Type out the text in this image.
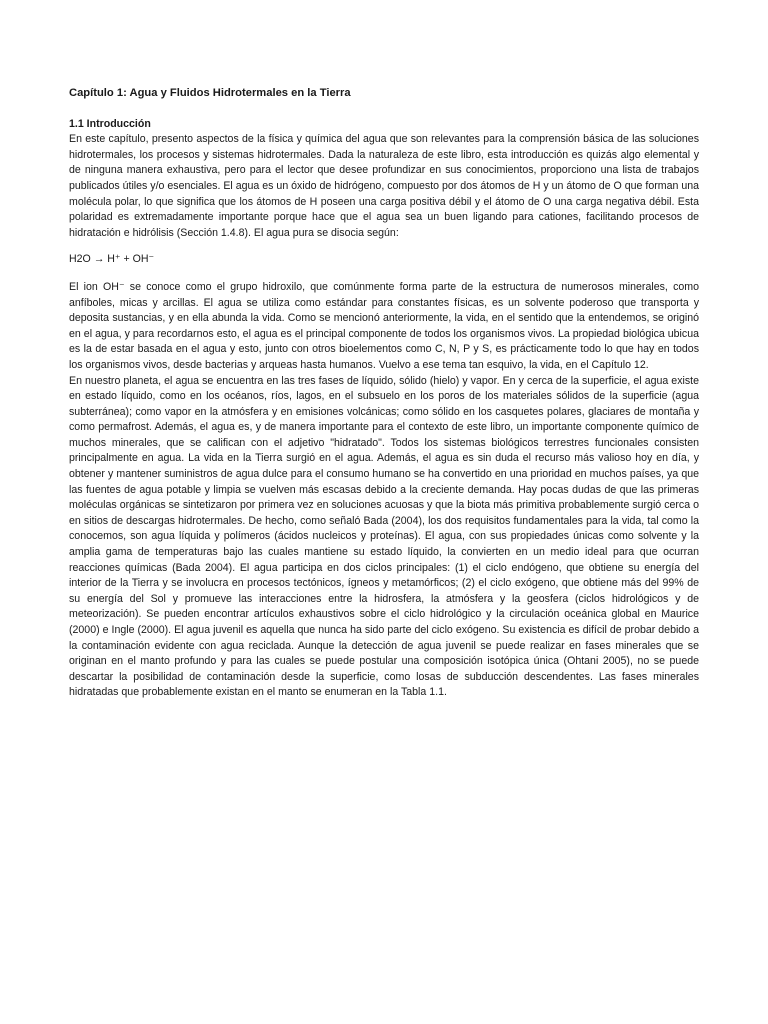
Capítulo 1: Agua y Fluidos Hidrotermales en la Tierra
1.1 Introducción

En este capítulo, presento aspectos de la física y química del agua que son relevantes para la comprensión básica de las soluciones hidrotermales, los procesos y sistemas hidrotermales. Dada la naturaleza de este libro, esta introducción es quizás algo elemental y de ninguna manera exhaustiva, pero para el lector que desee profundizar en sus conocimientos, proporciono una lista de trabajos publicados útiles y/o esenciales. El agua es un óxido de hidrógeno, compuesto por dos átomos de H y un átomo de O que forman una molécula polar, lo que significa que los átomos de H poseen una carga positiva débil y el átomo de O una carga negativa débil. Esta polaridad es extremadamente importante porque hace que el agua sea un buen ligando para cationes, facilitando procesos de hidratación e hidrólisis (Sección 1.4.8). El agua pura se disocia según:

H2O → H⁺ + OH⁻

El ion OH⁻ se conoce como el grupo hidroxilo, que comúnmente forma parte de la estructura de numerosos minerales, como anfíboles, micas y arcillas. El agua se utiliza como estándar para constantes físicas, es un solvente poderoso que transporta y deposita sustancias, y en ella abunda la vida. Como se mencionó anteriormente, la vida, en el sentido que la entendemos, se originó en el agua, y para recordarnos esto, el agua es el principal componente de todos los organismos vivos. La propiedad biológica ubicua es la de estar basada en el agua y esto, junto con otros bioelementos como C, N, P y S, es prácticamente todo lo que hay en todos los organismos vivos, desde bacterias y arqueas hasta humanos. Vuelvo a ese tema tan esquivo, la vida, en el Capítulo 12.

En nuestro planeta, el agua se encuentra en las tres fases de líquido, sólido (hielo) y vapor. En y cerca de la superficie, el agua existe en estado líquido, como en los océanos, ríos, lagos, en el subsuelo en los poros de los materiales sólidos de la superficie (agua subterránea); como vapor en la atmósfera y en emisiones volcánicas; como sólido en los casquetes polares, glaciares de montaña y como permafrost. Además, el agua es, y de manera importante para el contexto de este libro, un importante componente químico de muchos minerales, que se califican con el adjetivo "hidratado". Todos los sistemas biológicos terrestres funcionales consisten principalmente en agua. La vida en la Tierra surgió en el agua. Además, el agua es sin duda el recurso más valioso hoy en día, y obtener y mantener suministros de agua dulce para el consumo humano se ha convertido en una prioridad en muchos países, ya que las fuentes de agua potable y limpia se vuelven más escasas debido a la creciente demanda. Hay pocas dudas de que las primeras moléculas orgánicas se sintetizaron por primera vez en soluciones acuosas y que la biota más primitiva probablemente surgió cerca o en sitios de descargas hidrotermales. De hecho, como señaló Bada (2004), los dos requisitos fundamentales para la vida, tal como la conocemos, son agua líquida y polímeros (ácidos nucleicos y proteínas). El agua, con sus propiedades únicas como solvente y la amplia gama de temperaturas bajo las cuales mantiene su estado líquido, la convierten en un medio ideal para que ocurran reacciones químicas (Bada 2004). El agua participa en dos ciclos principales: (1) el ciclo endógeno, que obtiene su energía del interior de la Tierra y se involucra en procesos tectónicos, ígneos y metamórficos; (2) el ciclo exógeno, que obtiene más del 99% de su energía del Sol y promueve las interacciones entre la hidrosfera, la atmósfera y la geosfera (ciclos hidrológicos y de meteorización). Se pueden encontrar artículos exhaustivos sobre el ciclo hidrológico y la circulación oceánica global en Maurice (2000) e Ingle (2000). El agua juvenil es aquella que nunca ha sido parte del ciclo exógeno. Su existencia es difícil de probar debido a la contaminación evidente con agua reciclada. Aunque la detección de agua juvenil se puede realizar en fases minerales que se originan en el manto profundo y para las cuales se puede postular una composición isotópica única (Ohtani 2005), no se puede descartar la posibilidad de contaminación desde la superficie, como losas de subducción descendentes. Las fases minerales hidratadas que probablemente existan en el manto se enumeran en la Tabla 1.1.
